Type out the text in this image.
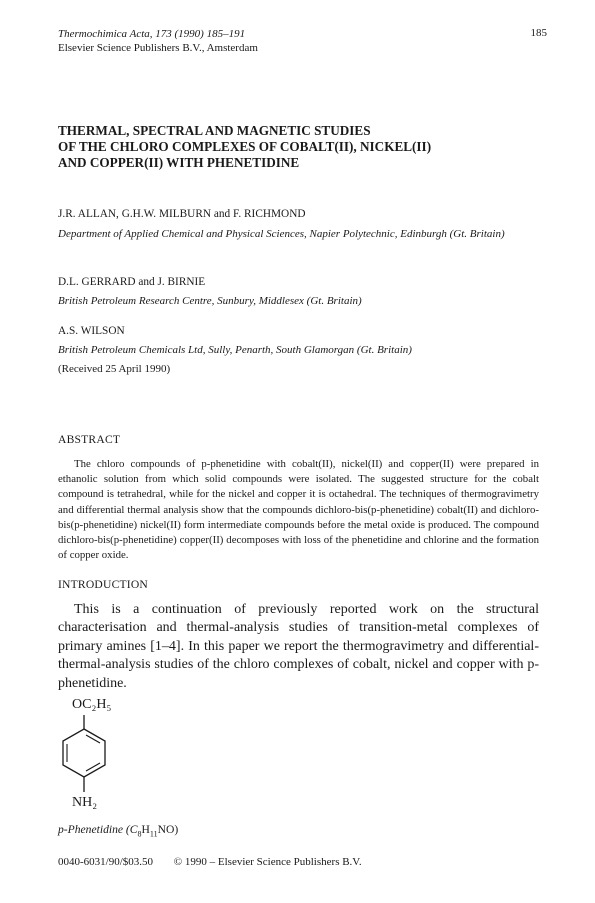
Thermochimica Acta, 173 (1990) 185–191
Elsevier Science Publishers B.V., Amsterdam
185
THERMAL, SPECTRAL AND MAGNETIC STUDIES
OF THE CHLORO COMPLEXES OF COBALT(II), NICKEL(II)
AND COPPER(II) WITH PHENETIDINE
J.R. ALLAN, G.H.W. MILBURN and F. RICHMOND
Department of Applied Chemical and Physical Sciences, Napier Polytechnic, Edinburgh (Gt. Britain)
D.L. GERRARD and J. BIRNIE
British Petroleum Research Centre, Sunbury, Middlesex (Gt. Britain)
A.S. WILSON
British Petroleum Chemicals Ltd, Sully, Penarth, South Glamorgan (Gt. Britain)
(Received 25 April 1990)
ABSTRACT
The chloro compounds of p-phenetidine with cobalt(II), nickel(II) and copper(II) were prepared in ethanolic solution from which solid compounds were isolated. The suggested structure for the cobalt compound is tetrahedral, while for the nickel and copper it is octahedral. The techniques of thermogravimetry and differential thermal analysis show that the compounds dichloro-bis(p-phenetidine) cobalt(II) and dichloro-bis(p-phenetidine) nickel(II) form intermediate compounds before the metal oxide is produced. The compound dichloro-bis(p-phenetidine) copper(II) decomposes with loss of the phenetidine and chlorine and the formation of copper oxide.
INTRODUCTION
This is a continuation of previously reported work on the structural characterisation and thermal-analysis studies of transition-metal complexes of primary amines [1–4]. In this paper we report the thermogravimetry and differential-thermal-analysis studies of the chloro complexes of cobalt, nickel and copper with p-phenetidine.
OC₂H₅
NH₂
p-Phenetidine $(C_8H_{11}NO)$
0040-6031/90/$03.50 © 1990 – Elsevier Science Publishers B.V.
